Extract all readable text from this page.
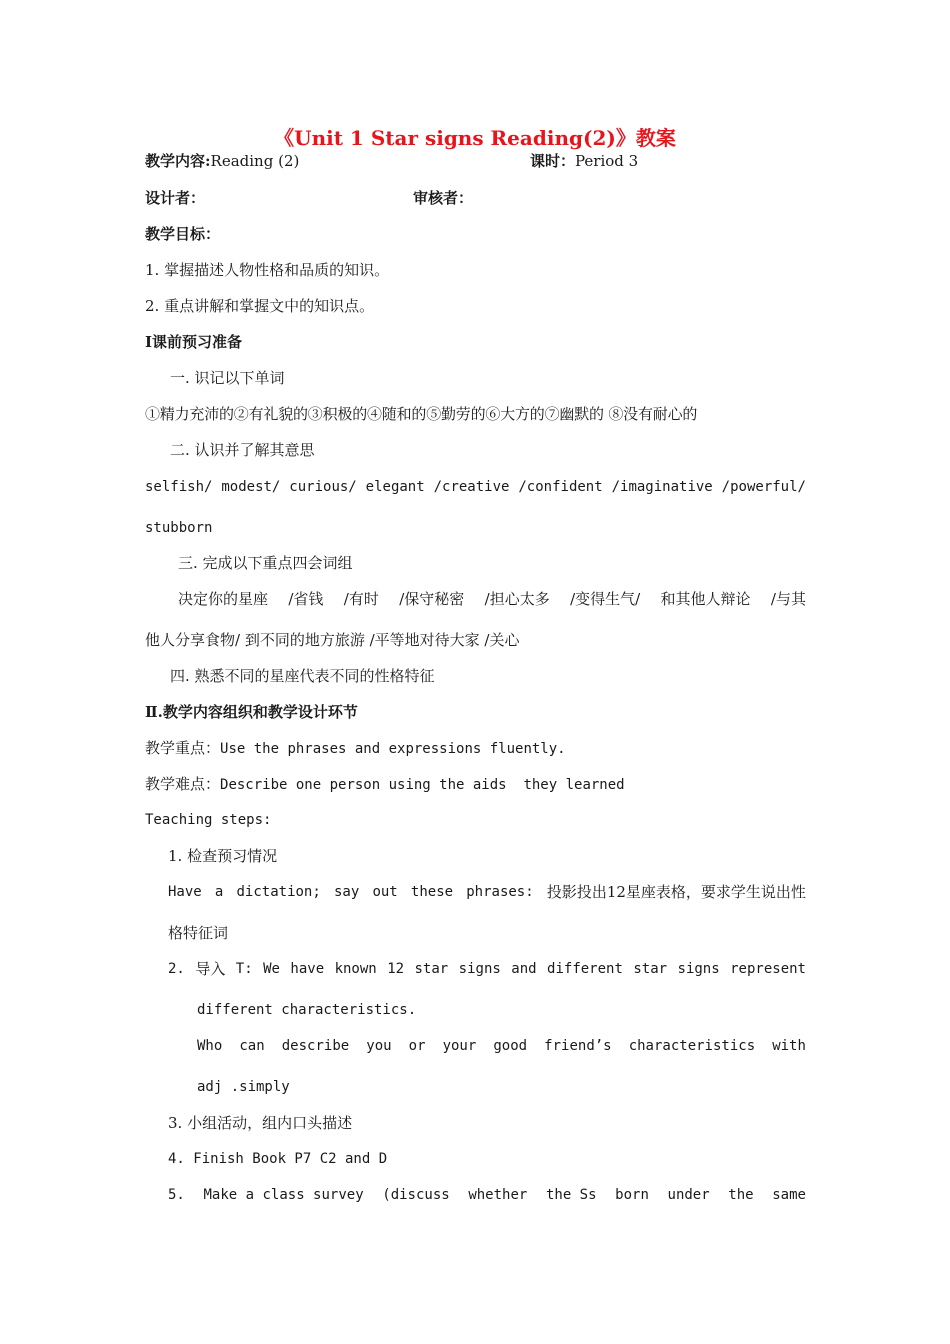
《Unit 1 Star signs Reading(2)》教案
教学内容:Reading (2)	课时：Period 3
设计者：	审核者：
教学目标：
1. 掌握描述人物性格和品质的知识。
2. 重点讲解和掌握文中的知识点。
Ⅰ课前预习准备
一. 识记以下单词
①精力充沛的②有礼貌的③积极的④随和的⑤勤劳的⑥大方的⑦幽默的 ⑧没有耐心的
二. 认识并了解其意思
selfish/ modest/ curious/ elegant /creative /confident /imaginative /powerful/
stubborn
三. 完成以下重点四会词组
决定你的星座 /省钱 /有时 /保守秘密 /担心太多 /变得生气/ 和其他人辩论 /与其
他人分享食物/ 到不同的地方旅游 /平等地对待大家 /关心
四. 熟悉不同的星座代表不同的性格特征
Ⅱ.教学内容组织和教学设计环节
教学重点：Use the phrases and expressions fluently.
教学难点：Describe one person using the aids  they learned
Teaching steps:
1. 检查预习情况
Have a dictation; say out these phrases: 投影投出12星座表格，要求学生说出性
格特征词
2. 导入 T: We have known 12 star signs and different star signs represent
different characteristics.
Who can describe you or your good friend’s characteristics with
adj .simply
3. 小组活动，组内口头描述
4. Finish Book P7 C2 and D
5. Make a class survey (discuss whether the Ss born under the same
